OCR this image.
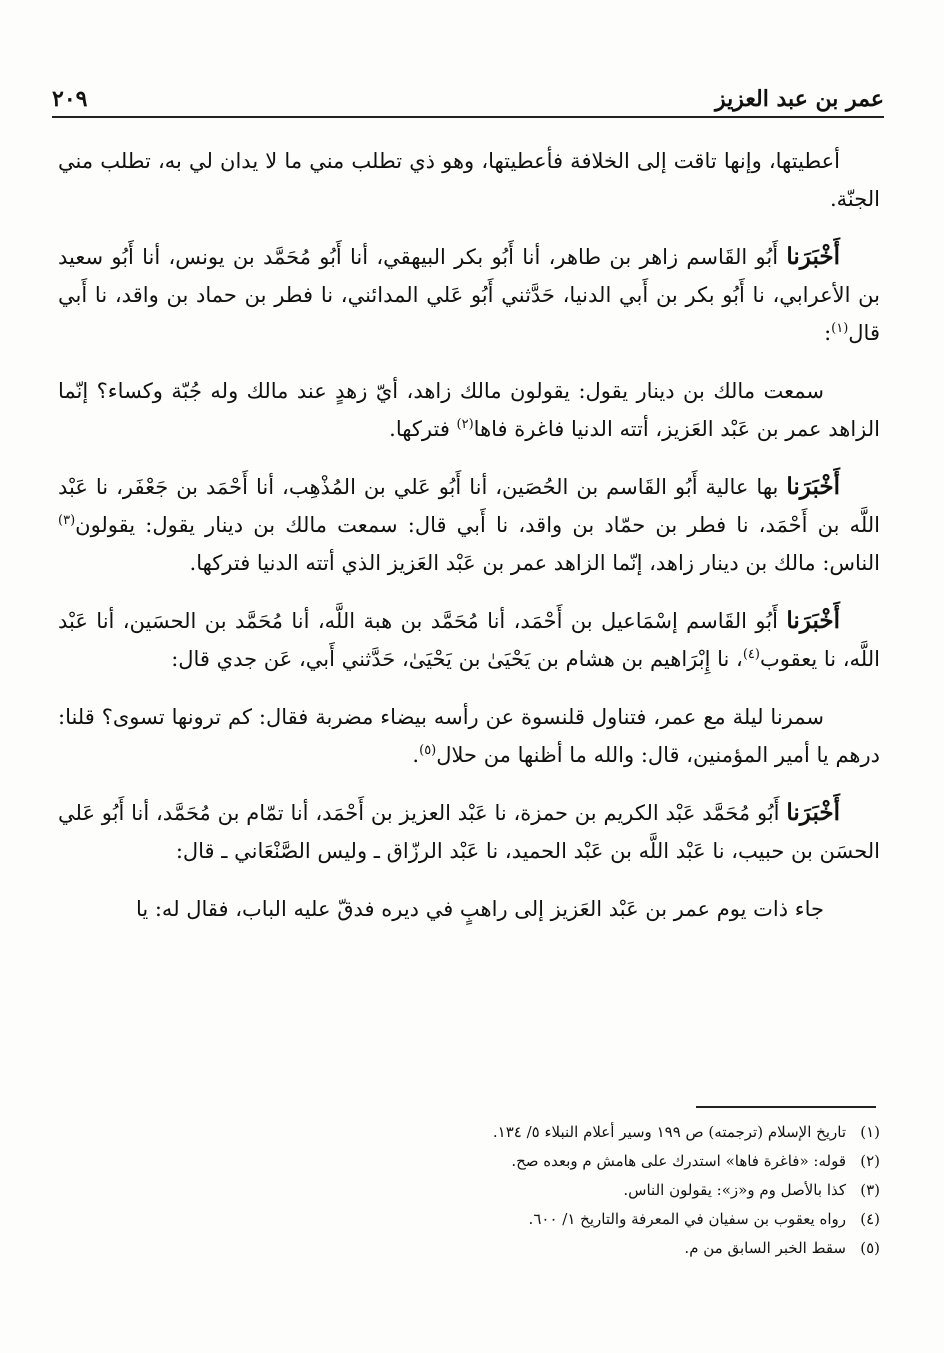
٢٠٩	عمر بن عبد العزيز

أعطيتها، وإنها تاقت إلى الخلافة فأعطيتها، وهو ذي تطلب مني ما لا يدان لي به، تطلب مني الجنّة.

أَخْبَرَنا أَبُو القَاسم زاهر بن طاهر، أنا أَبُو بكر البيهقي، أنا أَبُو مُحَمَّد بن يونس، أنا أَبُو سعيد بن الأعرابي، نا أَبُو بكر بن أَبي الدنيا، حَدَّثني أَبُو عَلي المدائني، نا فطر بن حماد بن واقد، نا أَبي قال$^{(١)}$:

سمعت مالك بن دينار يقول: يقولون مالك زاهد، أيّ زهدٍ عند مالك وله جُبّة وكساء؟ إنّما الزاهد عمر بن عَبْد العَزيز، أتته الدنيا فاغرة فاها$^{(٢)}$ فتركها.

أَخْبَرَنا بها عالية أَبُو القَاسم بن الحُصَين، أنا أَبُو عَلي بن المُذْهِب، أنا أَحْمَد بن جَعْفَر، نا عَبْد اللَّه بن أَحْمَد، نا فطر بن حمّاد بن واقد، نا أَبي قال: سمعت مالك بن دينار يقول: يقولون$^{(٣)}$ الناس: مالك بن دينار زاهد، إنّما الزاهد عمر بن عَبْد العَزيز الذي أتته الدنيا فتركها.

أَخْبَرَنا أَبُو القَاسم إسْمَاعيل بن أَحْمَد، أنا مُحَمَّد بن هبة اللَّه، أنا مُحَمَّد بن الحسَين، أنا عَبْد اللَّه، نا يعقوب$^{(٤)}$، نا إِبْرَاهيم بن هشام بن يَحْيَىٰ بن يَحْيَىٰ، حَدَّثني أَبي، عَن جدي قال:

سمرنا ليلة مع عمر، فتناول قلنسوة عن رأسه بيضاء مضربة فقال: كم ترونها تسوى؟ قلنا: درهم يا أمير المؤمنين، قال: والله ما أظنها من حلال$^{(٥)}$.

أَخْبَرَنا أَبُو مُحَمَّد عَبْد الكريم بن حمزة، نا عَبْد العزيز بن أَحْمَد، أنا تمّام بن مُحَمَّد، أنا أَبُو عَلي الحسَن بن حبيب، نا عَبْد اللَّه بن عَبْد الحميد، نا عَبْد الرزّاق ـ وليس الصَّنْعَاني ـ قال:

جاء ذات يوم عمر بن عَبْد العَزيز إلى راهبٍ في ديره فدقّ عليه الباب، فقال له: يا

(١)تاريخ الإسلام (ترجمته) ص ١٩٩ وسير أعلام النبلاء ٥/ ١٣٤.
(٢)قوله: «فاغرة فاها» استدرك على هامش م وبعده صح.
(٣)كذا بالأصل وم و«ز»: يقولون الناس.
(٤)رواه يعقوب بن سفيان في المعرفة والتاريخ ١/ ٦٠٠.
(٥)سقط الخبر السابق من م.
